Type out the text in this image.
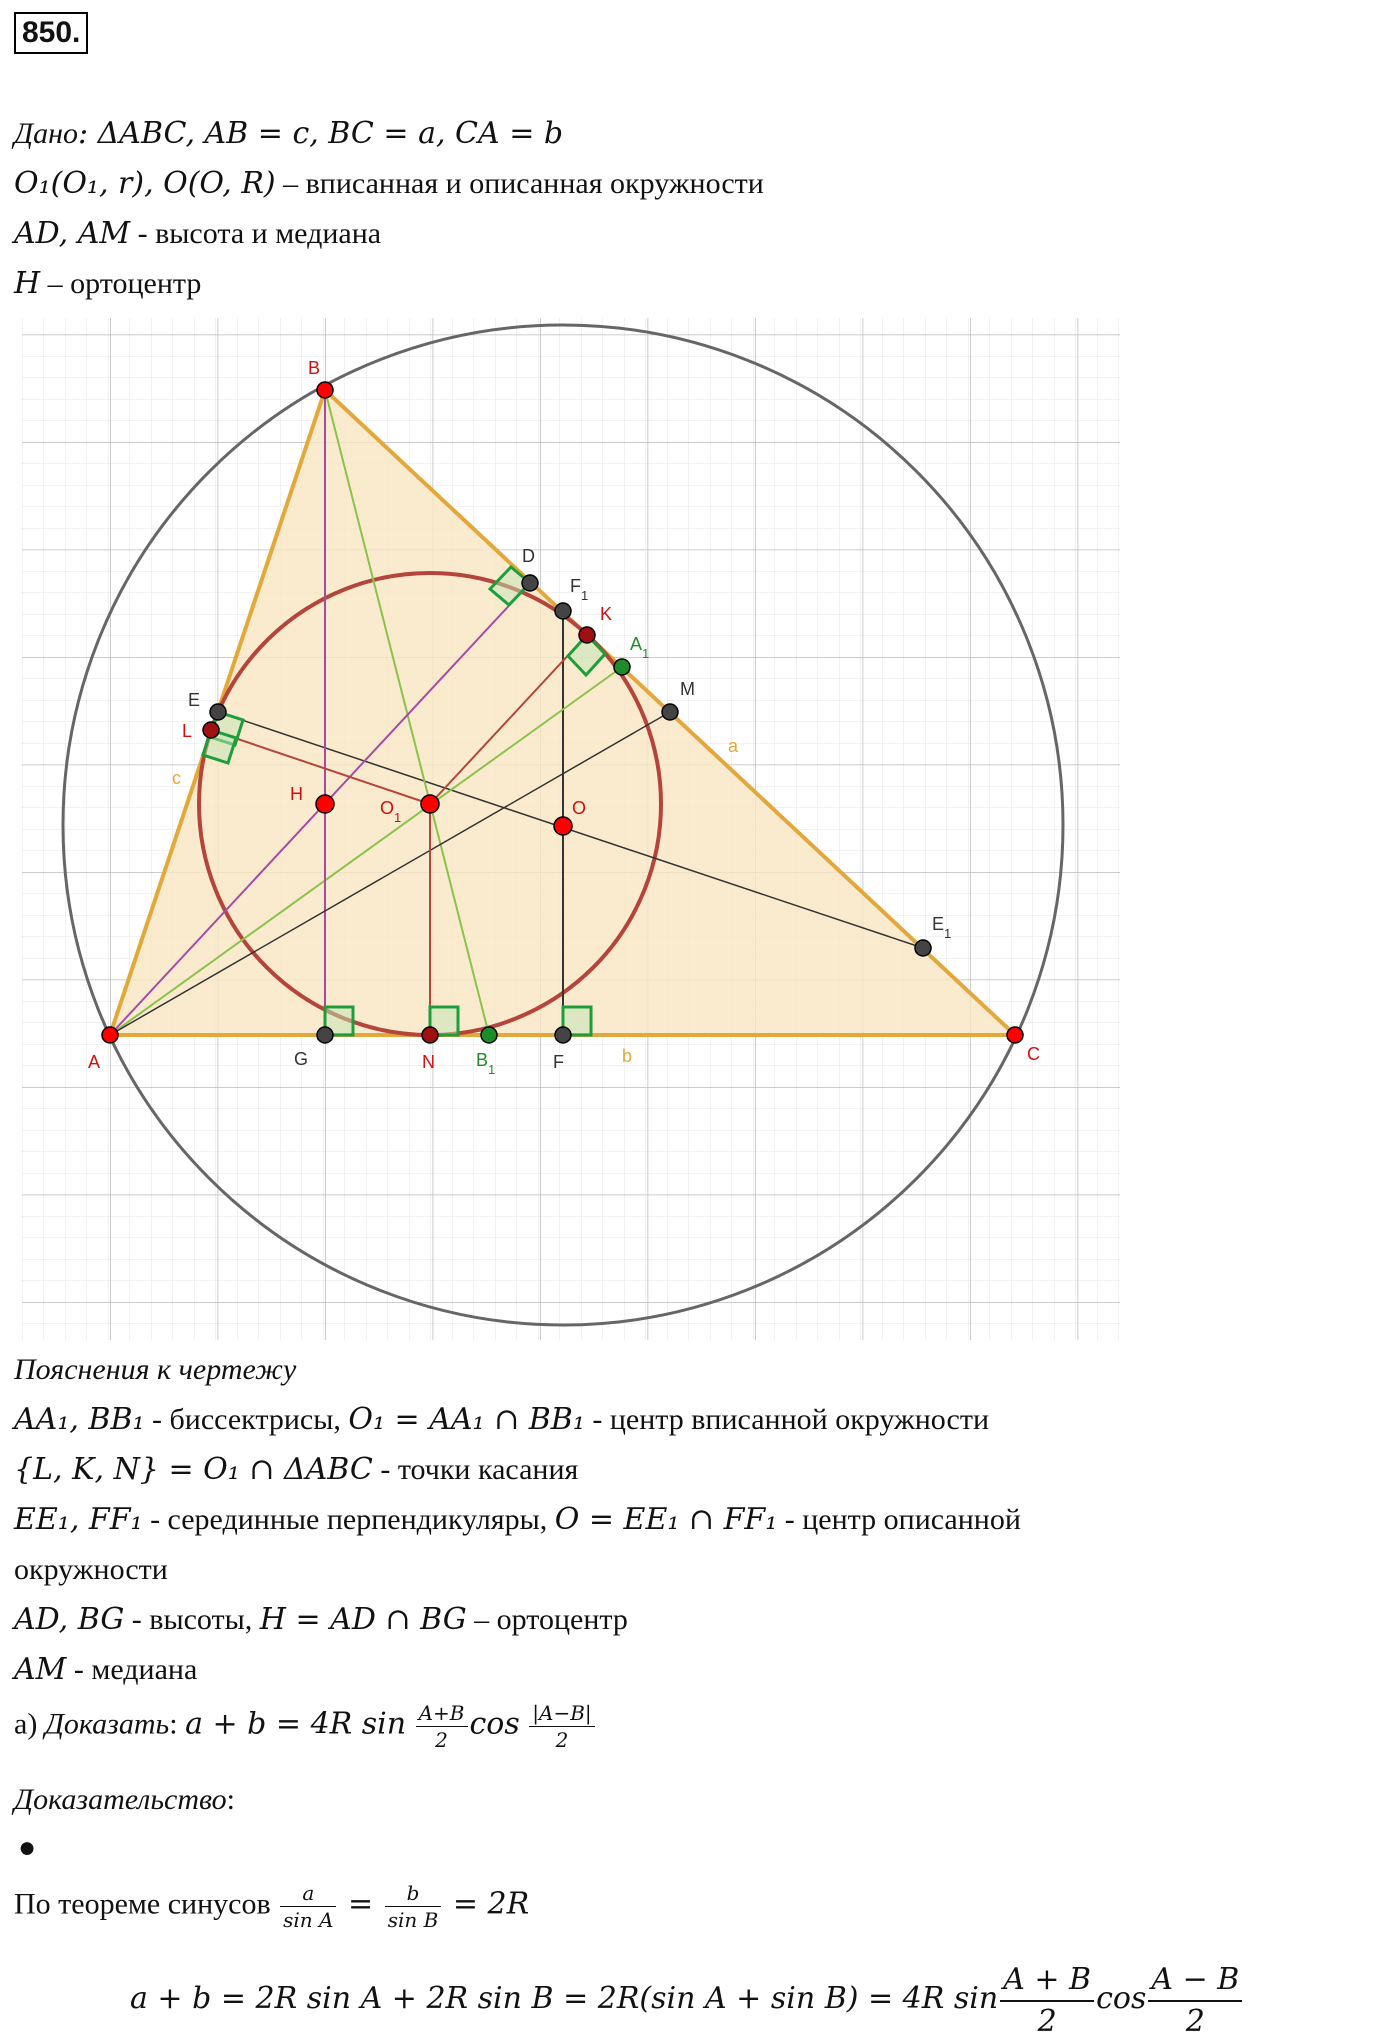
850.
Дано: ΔABC, AB = c, BC = a, CA = b
O₁(O₁, r), O(O, R) – вписанная и описанная окружности
AD, AM - высота и медиана
H – ортоцентр
B
A	C
H
$O_1$	O
D
$F_1$
K
$A_1$
M
E
L
$E_1$
G	N $B_1$	F
a
b
c
Пояснения к чертежу
AA₁, BB₁ - биссектрисы, O₁ = AA₁ ∩ BB₁ - центр вписанной окружности
{L, K, N} = O₁ ∩ ΔABC - точки касания
EE₁, FF₁ - серединные перпендикуляры, O = EE₁ ∩ FF₁ - центр описанной
окружности
AD, BG - высоты, H = AD ∩ BG – ортоцентр
AM - медиана
а) Доказать: a + b = 4R $\sin \frac{A+B}{2}$ $\cos \frac{|A-B|}{2}$
Доказательство:
●
По теореме синусов $\frac{a}{\text{sin A}} = \frac{b}{\text{sin B}} = 2R$
a + b = 2R sin A + 2R sin B = 2R(sin A + sin B) = 4R $\sin \frac{A + B}{2}$ $\cos \frac{A - B}{2}$
